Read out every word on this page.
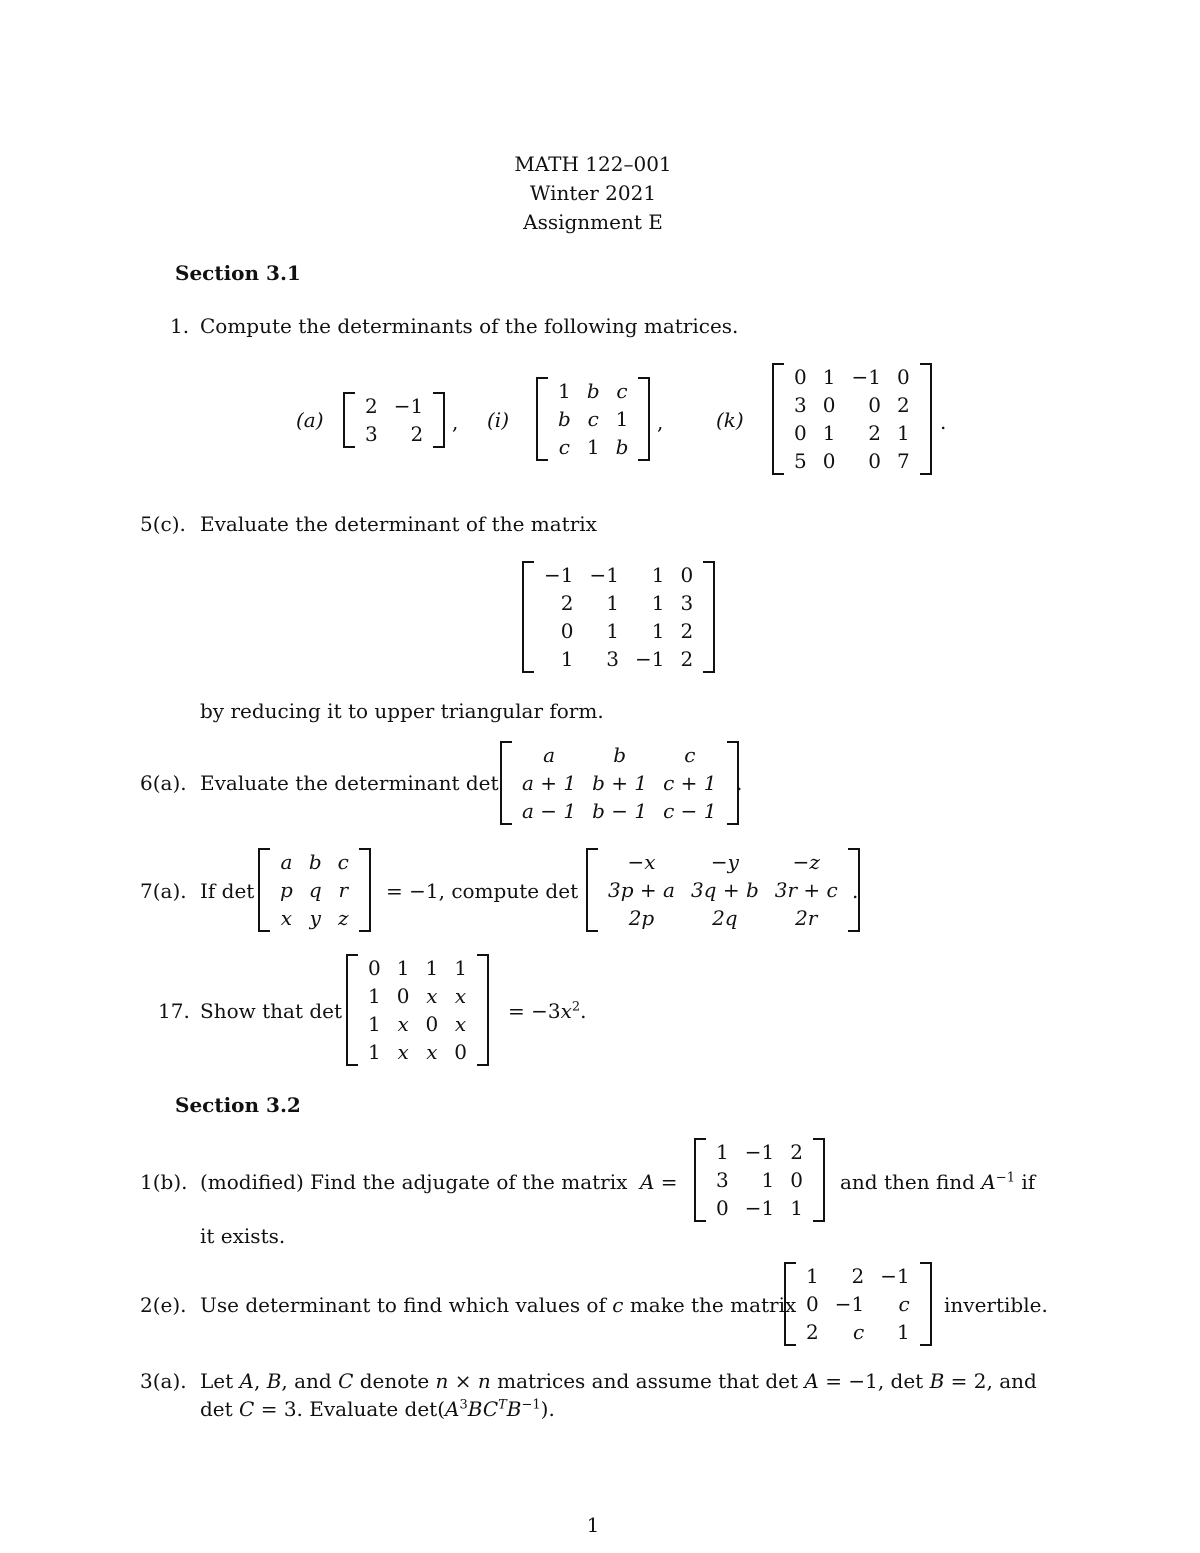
MATH 122–001
Winter 2021
Assignment E
Section 3.1
1. Compute the determinants of the following matrices.
(a)
2	−1
3	2 , (i)
1	b	c
b	c	1
c	1	b
,	(k)
0	1	−1	0
3	0	0	2
0	1	2	1
5	0	0	7
.
5(c). Evaluate the determinant of the matrix
−1	−1	1	0
2	1	1	3
0	1	1	2
1	3	−1	2
by reducing it to upper triangular form.
6(a). Evaluate the determinant det
a	b	c
a + 1	b + 1	c + 1
a − 1	b − 1	c − 1
.
7(a). If det
a	b	c
p	q	r
x	y	z
= −1, compute det
−x	−y	−z
3p + a	3q + b	3r + c
2p	2q	2r
.
17. Show that det
0	1	1	1
1	0	x	x
1	x	0	x
1	x	x	0
= $-3x^2$.
Section 3.2
1(b). (modified) Find the adjugate of the matrix A =
1	−1	2
3	1	0
0	−1	1
and then find $A^{-1}$ if
it exists.
2(e). Use determinant to find which values of c make the matrix
1	2	−1
0	−1	c
2	c	1
invertible.
3(a). Let A, B, and C denote n × n matrices and assume that det A = −1, det B = 2, and
det C = 3. Evaluate $\det(A^3BC^TB^{-1})$.
1
